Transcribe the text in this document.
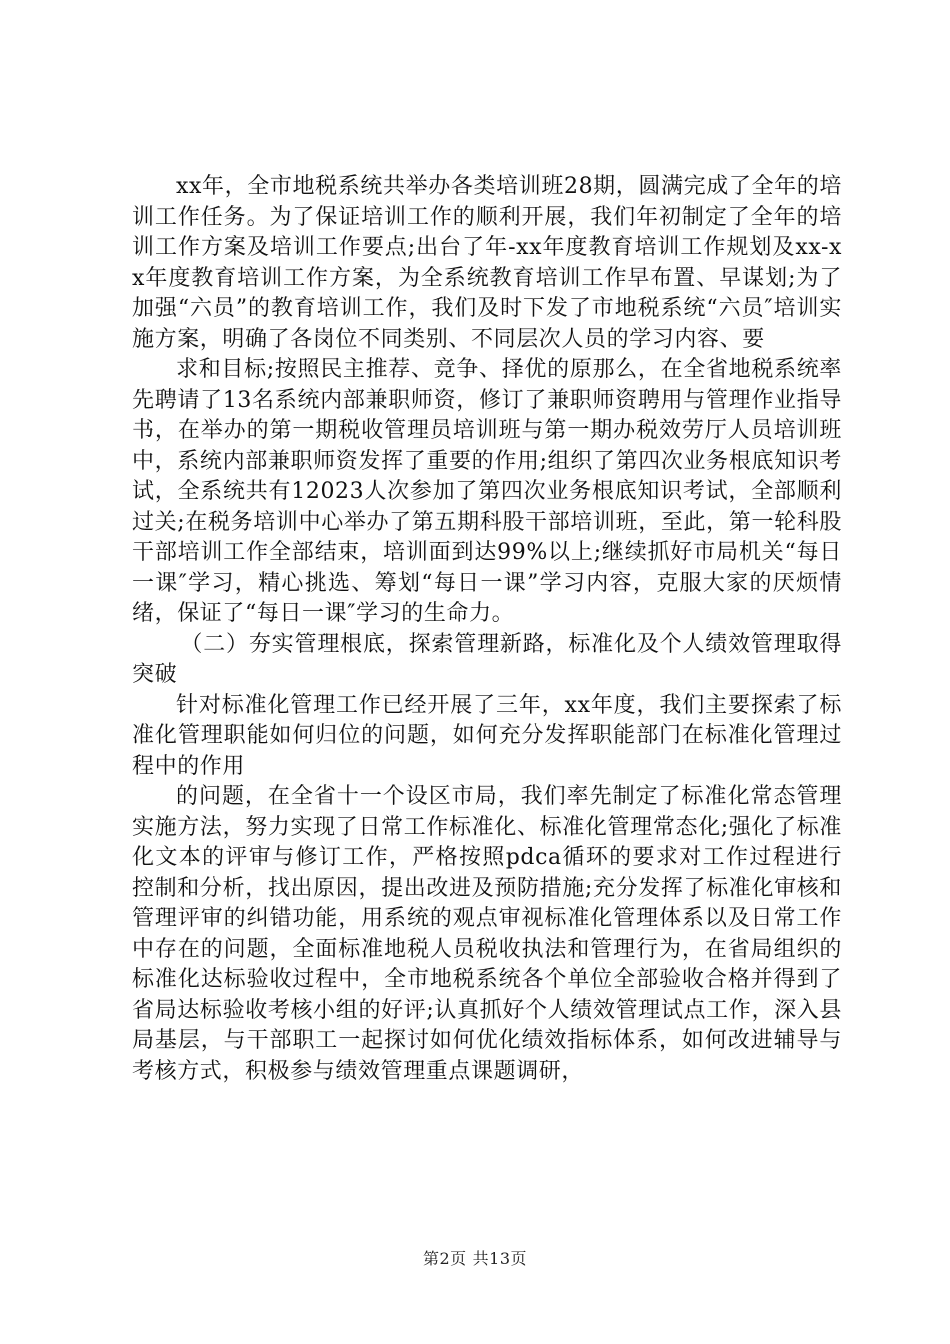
xx年，全市地税系统共举办各类培训班28期，圆满完成了全年的培训工作任务。为了保证培训工作的顺利开展，我们年初制定了全年的培训工作方案及培训工作要点;出台了年-xx年度教育培训工作规划及xx-xx年度教育培训工作方案，为全系统教育培训工作早布置、早谋划;为了加强“六员”的教育培训工作，我们及时下发了市地税系统“六员″培训实施方案，明确了各岗位不同类别、不同层次人员的学习内容、要

求和目标;按照民主推荐、竞争、择优的原那么，在全省地税系统率先聘请了13名系统内部兼职师资，修订了兼职师资聘用与管理作业指导书，在举办的第一期税收管理员培训班与第一期办税效劳厅人员培训班中，系统内部兼职师资发挥了重要的作用;组织了第四次业务根底知识考试，全系统共有12023人次参加了第四次业务根底知识考试，全部顺利过关;在税务培训中心举办了第五期科股干部培训班，至此，第一轮科股干部培训工作全部结束，培训面到达99%以上;继续抓好市局机关“每日一课″学习，精心挑选、筹划“每日一课”学习内容，克服大家的厌烦情绪，保证了“每日一课″学习的生命力。

（二）夯实管理根底，探索管理新路，标准化及个人绩效管理取得突破

针对标准化管理工作已经开展了三年，xx年度，我们主要探索了标准化管理职能如何归位的问题，如何充分发挥职能部门在标准化管理过程中的作用

的问题，在全省十一个设区市局，我们率先制定了标准化常态管理实施方法，努力实现了日常工作标准化、标准化管理常态化;强化了标准化文本的评审与修订工作，严格按照pdca循环的要求对工作过程进行控制和分析，找出原因，提出改进及预防措施;充分发挥了标准化审核和管理评审的纠错功能，用系统的观点审视标准化管理体系以及日常工作中存在的问题，全面标准地税人员税收执法和管理行为，在省局组织的标准化达标验收过程中，全市地税系统各个单位全部验收合格并得到了省局达标验收考核小组的好评;认真抓好个人绩效管理试点工作，深入县局基层，与干部职工一起探讨如何优化绩效指标体系，如何改进辅导与考核方式，积极参与绩效管理重点课题调研，

第2页 共13页
